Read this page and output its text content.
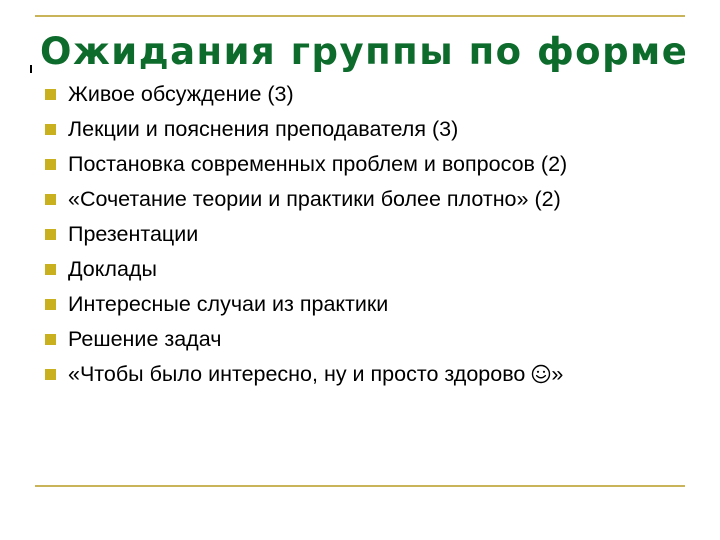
Ожидания группы по форме
Живое обсуждение (3)
Лекции и пояснения преподавателя (3)
Постановка современных проблем и вопросов (2)
«Сочетание теории и практики более плотно» (2)
Презентации
Доклады
Интересные случаи из практики
Решение задач
«Чтобы было интересно, ну и просто здорово »
